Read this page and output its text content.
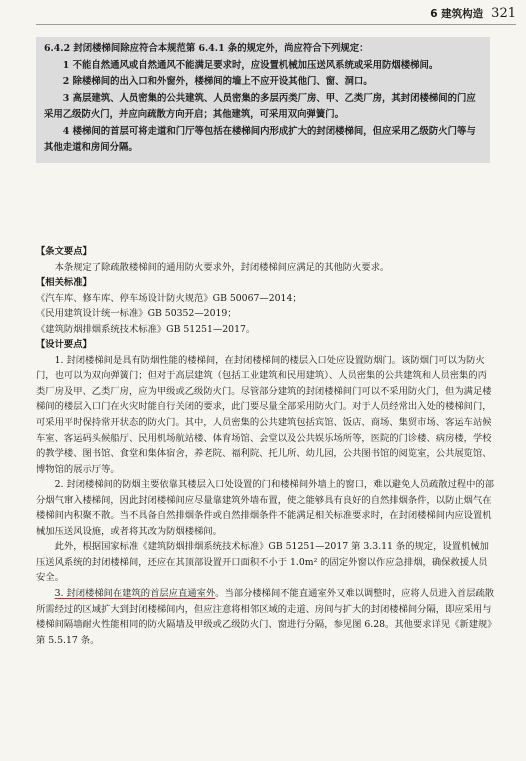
6 建筑构造 321

6.4.2 封闭楼梯间除应符合本规范第 6.4.1 条的规定外，尚应符合下列规定：

1 不能自然通风或自然通风不能满足要求时，应设置机械加压送风系统或采用防烟楼梯间。

2 除楼梯间的出入口和外窗外，楼梯间的墙上不应开设其他门、窗、洞口。

3 高层建筑、人员密集的公共建筑、人员密集的多层丙类厂房、甲、乙类厂房，其封闭楼梯间的门应采用乙级防火门，并应向疏散方向开启；其他建筑，可采用双向弹簧门。

4 楼梯间的首层可将走道和门厅等包括在楼梯间内形成扩大的封闭楼梯间，但应采用乙级防火门等与其他走道和房间分隔。

【条文要点】

本条规定了除疏散楼梯间的通用防火要求外，封闭楼梯间应满足的其他防火要求。

【相关标准】

《汽车库、修车库、停车场设计防火规范》GB 50067—2014；

《民用建筑设计统一标准》GB 50352—2019；

《建筑防烟排烟系统技术标准》GB 51251—2017。

【设计要点】

1. 封闭楼梯间是具有防烟性能的楼梯间，在封闭楼梯间的楼层入口处应设置防烟门。该防烟门可以为防火门，也可以为双向弹簧门；但对于高层建筑（包括工业建筑和民用建筑）、人员密集的公共建筑和人员密集的丙类厂房及甲、乙类厂房，应为甲级或乙级防火门。尽管部分建筑的封闭楼梯间门可以不采用防火门，但为满足楼梯间的楼层入口门在火灾时能自行关闭的要求，此门要尽量全部采用防火门。对于人员经常出入处的楼梯间门，可采用平时保持常开状态的防火门。其中，人员密集的公共建筑包括宾馆、饭店、商场、集贸市场、客运车站候车室、客运码头候船厅、民用机场航站楼、体育场馆、会堂以及公共娱乐场所等，医院的门诊楼、病房楼，学校的教学楼、图书馆、食堂和集体宿舍，养老院、福利院、托儿所、幼儿园，公共图书馆的阅览室，公共展览馆、博物馆的展示厅等。

2. 封闭楼梯间的防烟主要依靠其楼层入口处设置的门和楼梯间外墙上的窗口，难以避免人员疏散过程中的部分烟气窜入楼梯间，因此封闭楼梯间应尽量靠建筑外墙布置，使之能够具有良好的自然排烟条件，以防止烟气在楼梯间内积聚不散。当不具备自然排烟条件或自然排烟条件不能满足相关标准要求时，在封闭楼梯间内应设置机械加压送风设施，或者将其改为防烟楼梯间。

此外，根据国家标准《建筑防烟排烟系统技术标准》GB 51251—2017 第 3.3.11 条的规定，设置机械加压送风系统的封闭楼梯间，还应在其顶部设置开口面积不小于 1.0m² 的固定外窗以作应急排烟，确保救援人员安全。

3. 封闭楼梯间在建筑的首层应直通室外。当部分楼梯间不能直通室外又难以调整时，应将人员进入首层疏散所需经过的区域扩大到封闭楼梯间内，但应注意将相邻区域的走道、房间与扩大的封闭楼梯间分隔，即应采用与楼梯间隔墙耐火性能相同的防火隔墙及甲级或乙级防火门、窗进行分隔，参见图 6.28。其他要求详见《新建规》第 5.5.17 条。
